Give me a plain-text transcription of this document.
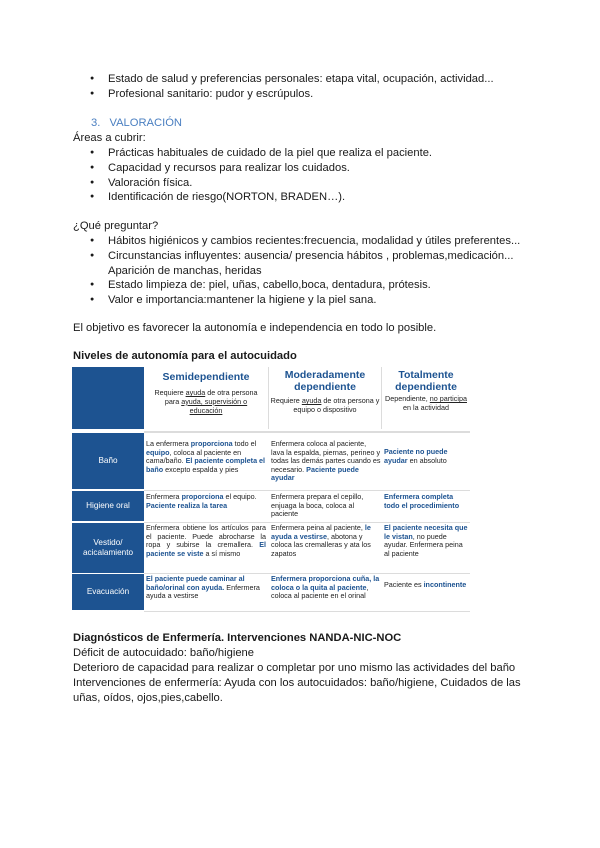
● Estado de salud y preferencias personales: etapa vital, ocupación, actividad...
● Profesional sanitario: pudor y escrúpulos.
3. VALORACIÓN
Áreas a cubrir:
● Prácticas habituales de cuidado de la piel que realiza el paciente.
● Capacidad y recursos para realizar los cuidados.
● Valoración física.
● Identificación de riesgo(NORTON, BRADEN…).
¿Qué preguntar?
● Hábitos higiénicos y cambios recientes:frecuencia, modalidad y útiles preferentes...
● Circunstancias influyentes: ausencia/ presencia hábitos , problemas,medicación...
Apariciόn de manchas, heridas
● Estado limpieza de: piel, uñas, cabello,boca, dentadura, prótesis.
● Valor e importancia:mantener la higiene y la piel sana.
El objetivo es favorecer la autonomía e independencia en todo lo posible.
Niveles de autonomía para el autocuidado
Semidependiente
Requiere ayuda de otra persona para ayuda, supervisión o educación
Moderadamente dependiente
Requiere ayuda de otra persona y equipo o dispositivo
Totalmente dependiente
Dependiente, no participa en la actividad
Baño
La enfermera proporciona todo el equipo, coloca al paciente en cama/baño. El paciente completa el baño excepto espalda y pies
Enfermera coloca al paciente, lava la espalda, piernas, perineo y todas las demás partes cuando es necesario. Paciente puede ayudar
Paciente no puede ayudar en absoluto
Higiene oral
Enfermera proporciona el equipo. Paciente realiza la tarea
Enfermera prepara el cepillo, enjuaga la boca, coloca al paciente
Enfermera completa todo el procedimiento
Vestido/ acicalamiento
Enfermera obtiene los artículos para el paciente. Puede abrocharse la ropa y subirse la cremallera. El paciente se viste a sí mismo
Enfermera peina al paciente, le ayuda a vestirse, abotona y coloca las cremalleras y ata los zapatos
El paciente necesita que le vistan, no puede ayudar. Enfermera peina al paciente
Evacuación
El paciente puede caminar al baño/orinal con ayuda. Enfermera ayuda a vestirse
Enfermera proporciona cuña, la coloca o la quita al paciente, coloca al paciente en el orinal
Paciente es incontinente
Diagnósticos de Enfermería. Intervenciones NANDA-NIC-NOC
Déficit de autocuidado: baño/higiene
Deterioro de capacidad para realizar o completar por uno mismo las actividades del baño
Intervenciones de enfermería: Ayuda con los autocuidados: baño/higiene, Cuidados de las
uñas, oídos, ojos,pies,cabello.
